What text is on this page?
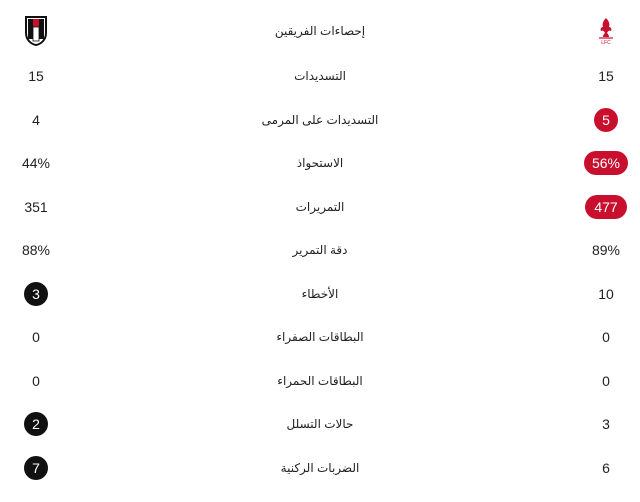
إحصاءات الفريقين
LFC
15	التسديدات	15
4	التسديدات على المرمى	5
44%	الاستحواذ	56%
351	التمريرات	477
88%	دقة التمرير	89%
3	الأخطاء	10
0	البطاقات الصفراء	0
0	البطاقات الحمراء	0
2	حالات التسلل	3
7	الضربات الركنية	6
